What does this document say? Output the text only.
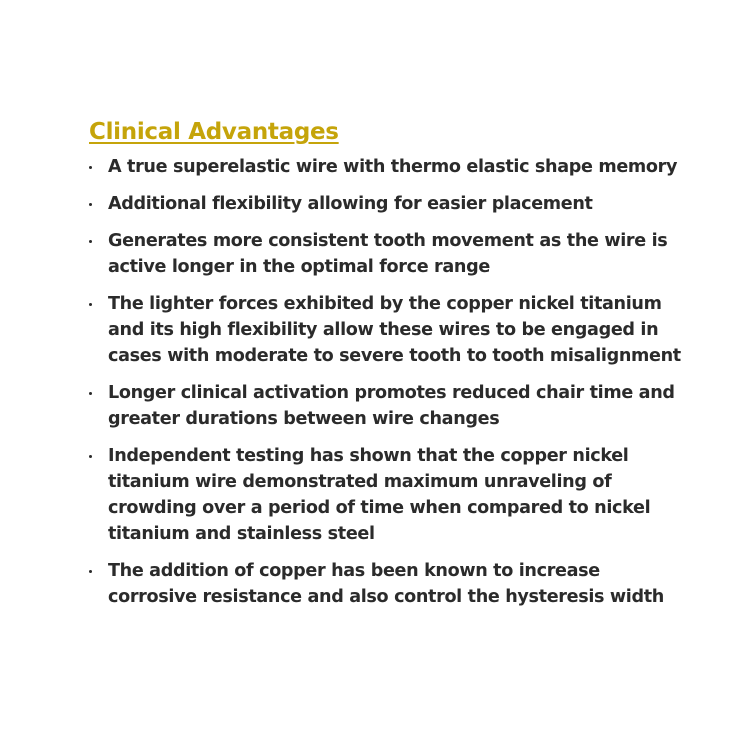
Clinical Advantages
A true superelastic wire with thermo elastic shape memory
Additional flexibility allowing for easier placement
Generates more consistent tooth movement as the wire is
active longer in the optimal force range
The lighter forces exhibited by the copper nickel titanium
and its high flexibility allow these wires to be engaged in
cases with moderate to severe tooth to tooth misalignment
Longer clinical activation promotes reduced chair time and
greater durations between wire changes
Independent testing has shown that the copper nickel
titanium wire demonstrated maximum unraveling of
crowding over a period of time when compared to nickel
titanium and stainless steel
The addition of copper has been known to increase
corrosive resistance and also control the hysteresis width
